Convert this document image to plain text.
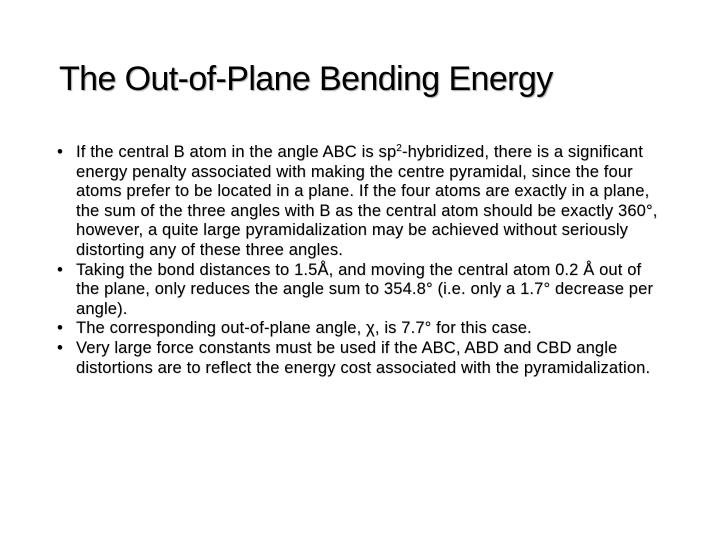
The Out-of-Plane Bending Energy
• If the central B atom in the angle ABC is $sp^2$-hybridized, there is a significant energy penalty associated with making the centre pyramidal, since the four atoms prefer to be located in a plane. If the four atoms are exactly in a plane, the sum of the three angles with B as the central atom should be exactly 360°, however, a quite large pyramidalization may be achieved without seriously distorting any of these three angles.
• Taking the bond distances to 1.5Å, and moving the central atom 0.2 Å out of the plane, only reduces the angle sum to 354.8° (i.e. only a 1.7° decrease per angle).
• The corresponding out-of-plane angle, χ, is 7.7° for this case.
• Very large force constants must be used if the ABC, ABD and CBD angle distortions are to reflect the energy cost associated with the pyramidalization.
